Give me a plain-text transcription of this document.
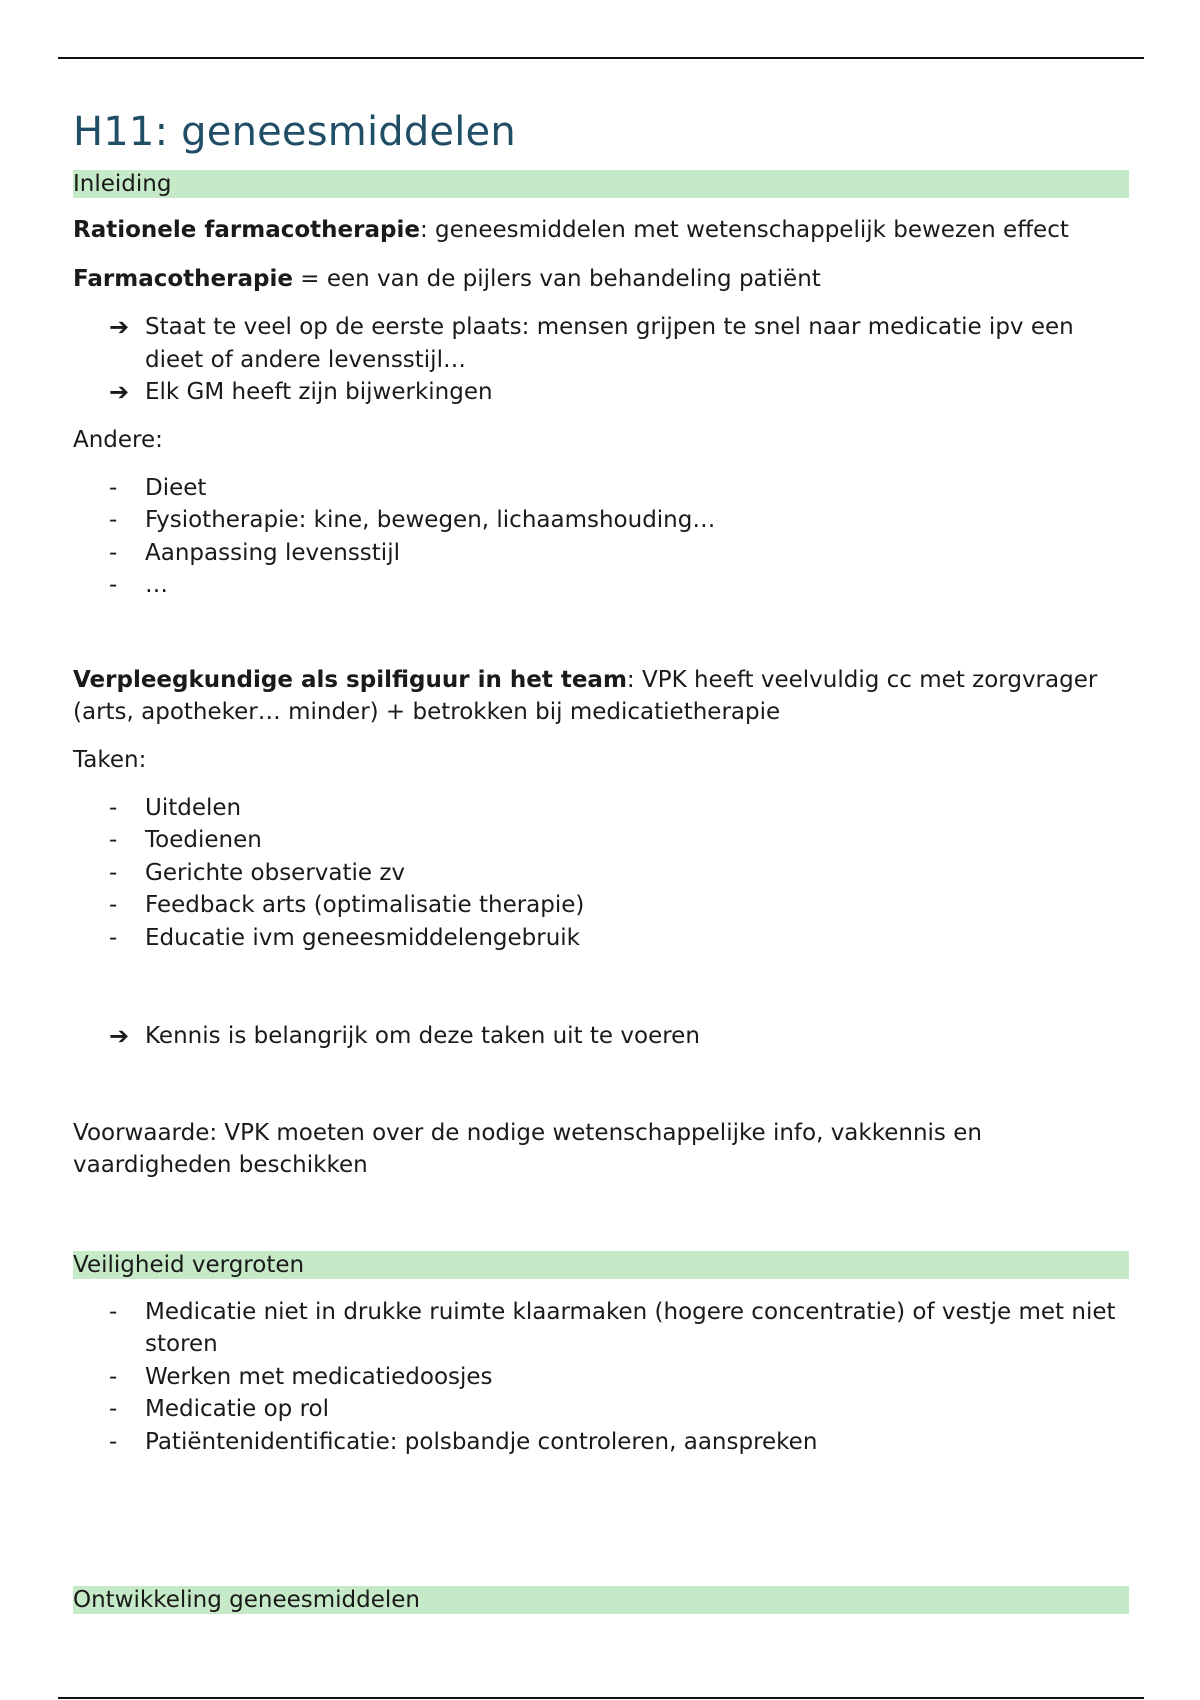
H11: geneesmiddelen
Inleiding

Rationele farmacotherapie: geneesmiddelen met wetenschappelijk bewezen effect

Farmacotherapie = een van de pijlers van behandeling patiënt

➔ Staat te veel op de eerste plaats: mensen grijpen te snel naar medicatie ipv een dieet of andere levensstijl…
➔ Elk GM heeft zijn bijwerkingen

Andere:

- Dieet
- Fysiotherapie: kine, bewegen, lichaamshouding…
- Aanpassing levensstijl
- …

Verpleegkundige als spilfiguur in het team: VPK heeft veelvuldig cc met zorgvrager (arts, apotheker… minder) + betrokken bij medicatietherapie

Taken:

- Uitdelen
- Toedienen
- Gerichte observatie zv
- Feedback arts (optimalisatie therapie)
- Educatie ivm geneesmiddelengebruik
➔ Kennis is belangrijk om deze taken uit te voeren

Voorwaarde: VPK moeten over de nodige wetenschappelijke info, vakkennis en vaardigheden beschikken

Veiligheid vergroten
- Medicatie niet in drukke ruimte klaarmaken (hogere concentratie) of vestje met niet storen
- Werken met medicatiedoosjes
- Medicatie op rol
- Patiëntenidentificatie: polsbandje controleren, aanspreken
Ontwikkeling geneesmiddelen
